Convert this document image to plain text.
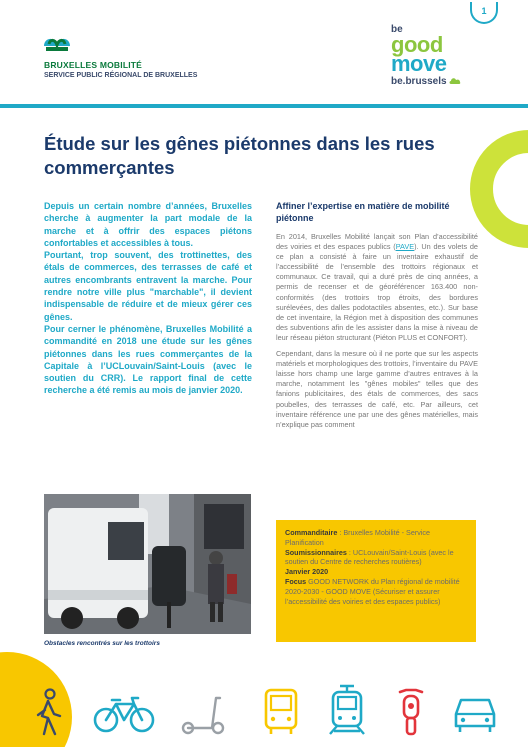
BRUXELLES MOBILITÉ
SERVICE PUBLIC RÉGIONAL DE BRUXELLES
be
good
move
be.brussels
1
Étude sur les gênes piétonnes dans les rues commerçantes

Depuis un certain nombre d’années, Bruxelles cherche à augmenter la part modale de la marche et à offrir des espaces piétons confortables et accessibles à tous.

Pourtant, trop souvent, des trottinettes, des étals de commerces, des terrasses de café et autres encombrants entravent la marche. Pour rendre notre ville plus "marchable", il devient indispensable de réduire et de mieux gérer ces gênes.

Pour cerner le phénomène, Bruxelles Mobilité a commandité en 2018 une étude sur les gênes piétonnes dans les rues commerçantes de la Capitale à l’UCLouvain/Saint-Louis (avec le soutien du CRR). Le rapport final de cette recherche a été remis au mois de janvier 2020.

Obstacles rencontrés sur les trottoirs
Affiner l’expertise en matière de mobilité piétonne

En 2014, Bruxelles Mobilité lançait son Plan d’accessibilité des voiries et des espaces publics (PAVE). Un des volets de ce plan a consisté à faire un inventaire exhaustif de l’accessibilité de l’ensemble des trottoirs régionaux et communaux. Ce travail, qui a duré près de cinq années, a permis de recenser et de géoréférencer 163.400 non-conformités (des trottoirs trop étroits, des bordures surélevées, des dalles podotactiles absentes, etc.). Sur base de cet inventaire, la Région met à disposition des communes des subventions afin de les assister dans la mise à niveau de leur réseau piéton structurant (Piéton PLUS et CONFORT).

Cependant, dans la mesure où il ne porte que sur les aspects matériels et morphologiques des trottoirs, l’inventaire du PAVE laisse hors champ une large gamme d’autres entraves à la marche, notamment les "gênes mobiles" telles que des fanions publicitaires, des étals de commerces, des sacs poubelles, des terrasses de café, etc. Par ailleurs, cet inventaire référence une par une des gênes matérielles, mais n’explique pas comment

Commanditaire : Bruxelles Mobilité - Service Planification
Soumissionnaires : UCLouvain/Saint-Louis (avec le soutien du Centre de recherches routières)
Janvier 2020
Focus GOOD NETWORK du Plan régional de mobilité 2020-2030 - GOOD MOVE (Sécuriser et assurer l’accessibilité des voiries et des espaces publics)
